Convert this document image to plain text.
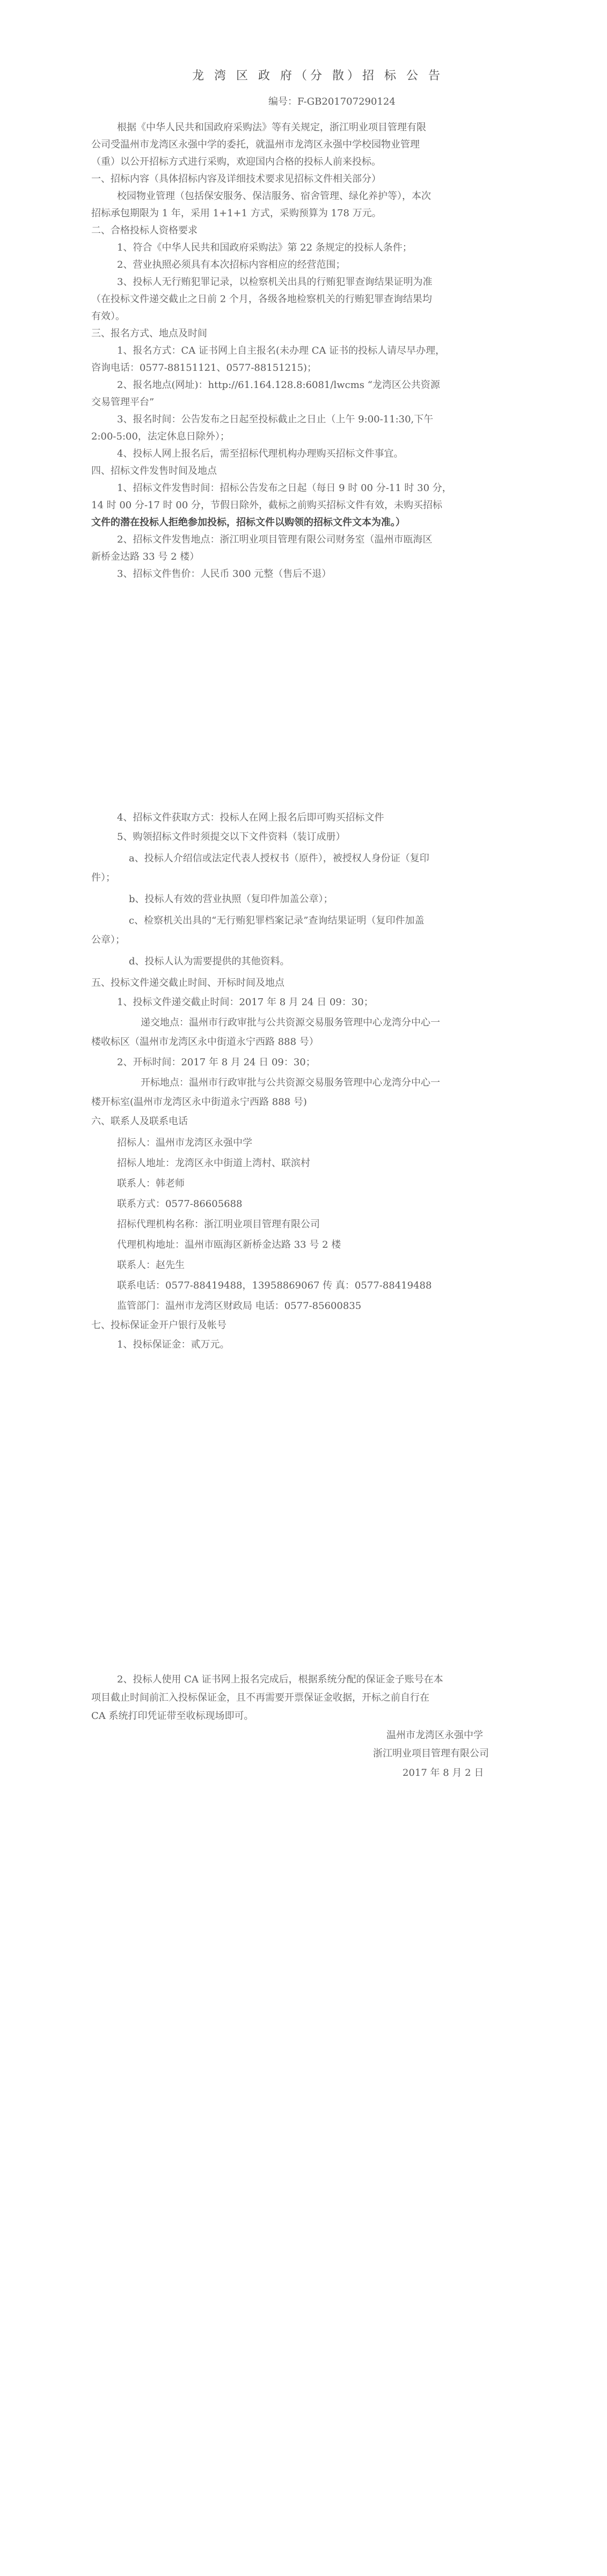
龙 湾 区 政 府（分 散）招 标 公 告
编号：F-GB201707290124
根据《中华人民共和国政府采购法》等有关规定，浙江明业项目管理有限
公司受温州市龙湾区永强中学的委托，就温州市龙湾区永强中学校园物业管理
（重）以公开招标方式进行采购，欢迎国内合格的投标人前来投标。
一、招标内容（具体招标内容及详细技术要求见招标文件相关部分）
校园物业管理（包括保安服务、保洁服务、宿舍管理、绿化养护等），本次
招标承包期限为 1 年，采用 1+1+1 方式，采购预算为 178 万元。
二、合格投标人资格要求
1、符合《中华人民共和国政府采购法》第 22 条规定的投标人条件；
2、营业执照必须具有本次招标内容相应的经营范围；
3、投标人无行贿犯罪记录，以检察机关出具的行贿犯罪查询结果证明为准
（在投标文件递交截止之日前 2 个月，各级各地检察机关的行贿犯罪查询结果均
有效）。
三、报名方式、地点及时间
1、报名方式：CA 证书网上自主报名(未办理 CA 证书的投标人请尽早办理，
咨询电话：0577-88151121、0577-88151215)；
2、报名地点(网址)：http://61.164.128.8:6081/lwcms “龙湾区公共资源
交易管理平台”
3、报名时间：公告发布之日起至投标截止之日止（上午 9:00-11:30,下午
2:00-5:00，法定休息日除外）；
4、投标人网上报名后，需至招标代理机构办理购买招标文件事宜。
四、招标文件发售时间及地点
1、招标文件发售时间：招标公告发布之日起（每日 9 时 00 分-11 时 30 分，
14 时 00 分-17 时 00 分，节假日除外，截标之前购买招标文件有效，未购买招标
文件的潜在投标人拒绝参加投标，招标文件以购领的招标文件文本为准。）
2、招标文件发售地点：浙江明业项目管理有限公司财务室（温州市瓯海区
新桥金达路 33 号 2 楼）
3、招标文件售价：人民币 300 元整（售后不退）
4、招标文件获取方式：投标人在网上报名后即可购买招标文件
5、购领招标文件时须提交以下文件资料（装订成册）
a、投标人介绍信或法定代表人授权书（原件），被授权人身份证（复印
件）；
b、投标人有效的营业执照（复印件加盖公章）；
c、检察机关出具的“无行贿犯罪档案记录”查询结果证明（复印件加盖
公章）；
d、投标人认为需要提供的其他资料。
五、投标文件递交截止时间、开标时间及地点
1、投标文件递交截止时间：2017 年 8 月 24 日 09：30；
递交地点：温州市行政审批与公共资源交易服务管理中心龙湾分中心一
楼收标区（温州市龙湾区永中街道永宁西路 888 号）
2、开标时间：2017 年 8 月 24 日 09：30；
开标地点：温州市行政审批与公共资源交易服务管理中心龙湾分中心一
楼开标室(温州市龙湾区永中街道永宁西路 888 号)
六、联系人及联系电话
招标人：温州市龙湾区永强中学
招标人地址：龙湾区永中街道上湾村、联滨村
联系人：韩老师
联系方式：0577-86605688
招标代理机构名称：浙江明业项目管理有限公司
代理机构地址：温州市瓯海区新桥金达路 33 号 2 楼
联系人：赵先生
联系电话：0577-88419488，13958869067 传 真：0577-88419488
监管部门：温州市龙湾区财政局 电话：0577-85600835
七、投标保证金开户银行及帐号
1、投标保证金：贰万元。
2、投标人使用 CA 证书网上报名完成后，根据系统分配的保证金子账号在本
项目截止时间前汇入投标保证金，且不再需要开票保证金收据，开标之前自行在
CA 系统打印凭证带至收标现场即可。
温州市龙湾区永强中学
浙江明业项目管理有限公司
2017 年 8 月 2 日
